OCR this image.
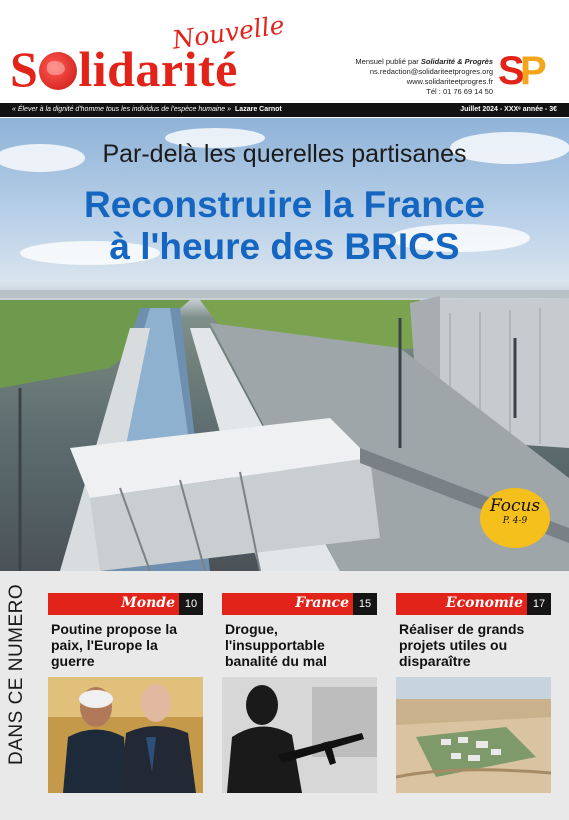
Nouvelle
S lidarité	Mensuel publié par Solidarité & Progrès
ns.redaction@solidariteetprogres.org
www.solidariteetprogres.fr
Tél : 01 76 69 14 50 S
P
« Élever à la dignité d'homme tous les individus de l'espèce humaine » Lazare Carnot	Juillet 2024 - XXXᵉ année - 3€
Par-delà les querelles partisanes
Reconstruire la France
à l'heure des BRICS
Focus
P. 4-9
DANS CE NUMERO	Monde 10
Poutine propose la paix, l'Europe la guerre
France 15
Drogue, l'insupportable banalité du mal
Economie 17
Réaliser de grands projets utiles ou disparaître
